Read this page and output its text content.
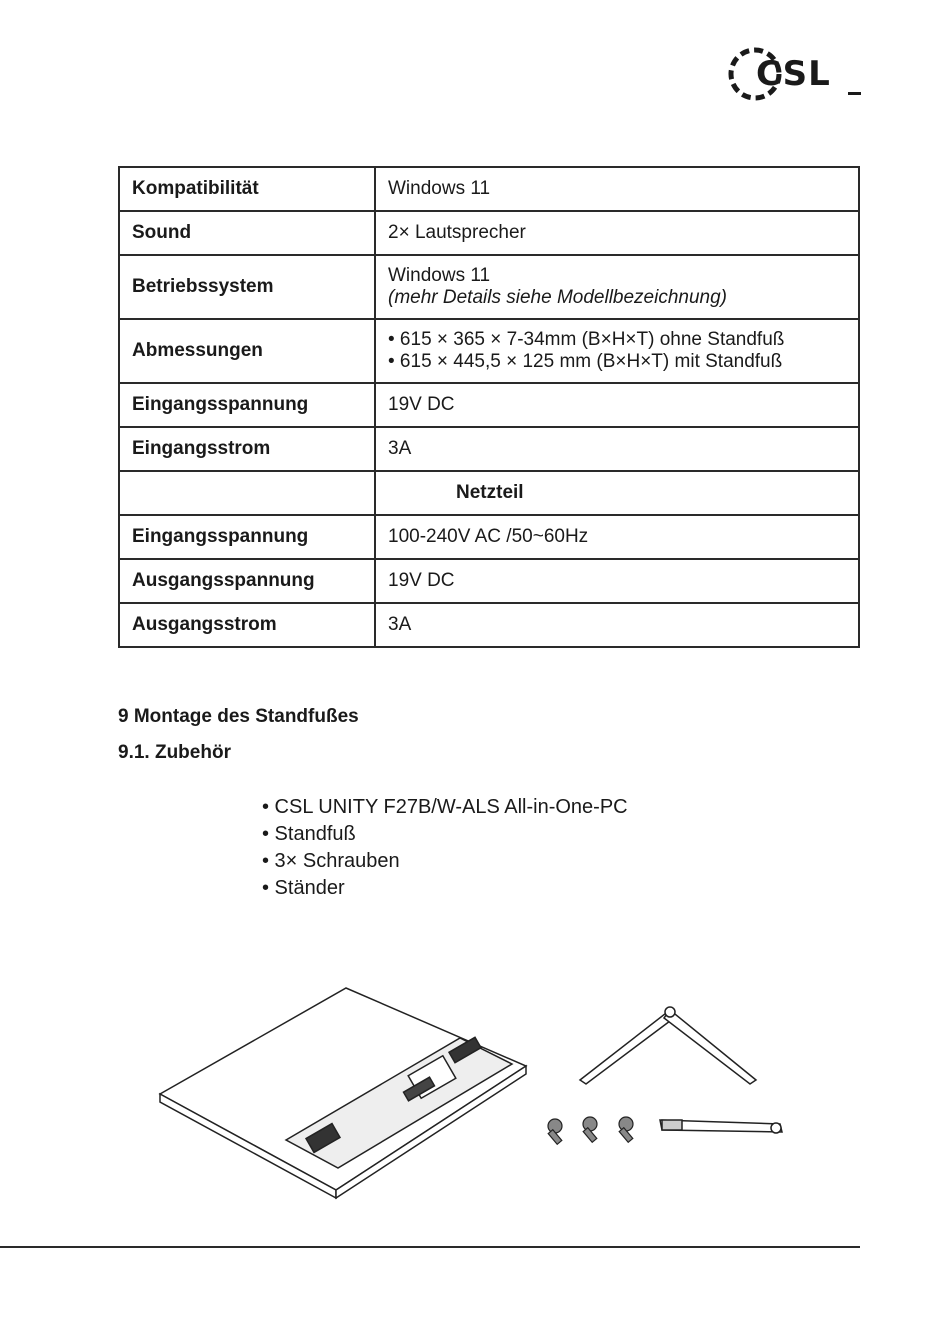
CSL
Kompatibilität	Windows 11
Sound	2× Lautsprecher
Betriebssystem	Windows 11
(mehr Details siehe Modellbezeichnung)

Abmessungen	• 615 × 365 × 7-34mm (B×H×T) ohne Standfuß
• 615 × 445,5 × 125 mm (B×H×T) mit Standfuß

Eingangsspannung	19V DC
Eingangsstrom	3A
	Netzteil
Eingangsspannung	100-240V AC /50~60Hz
Ausgangsspannung	19V DC
Ausgangsstrom	3A
9 Montage des Standfußes
9.1. Zubehör
• CSL UNITY F27B/W-ALS All-in-One-PC
• Standfuß
• 3× Schrauben
• Ständer
